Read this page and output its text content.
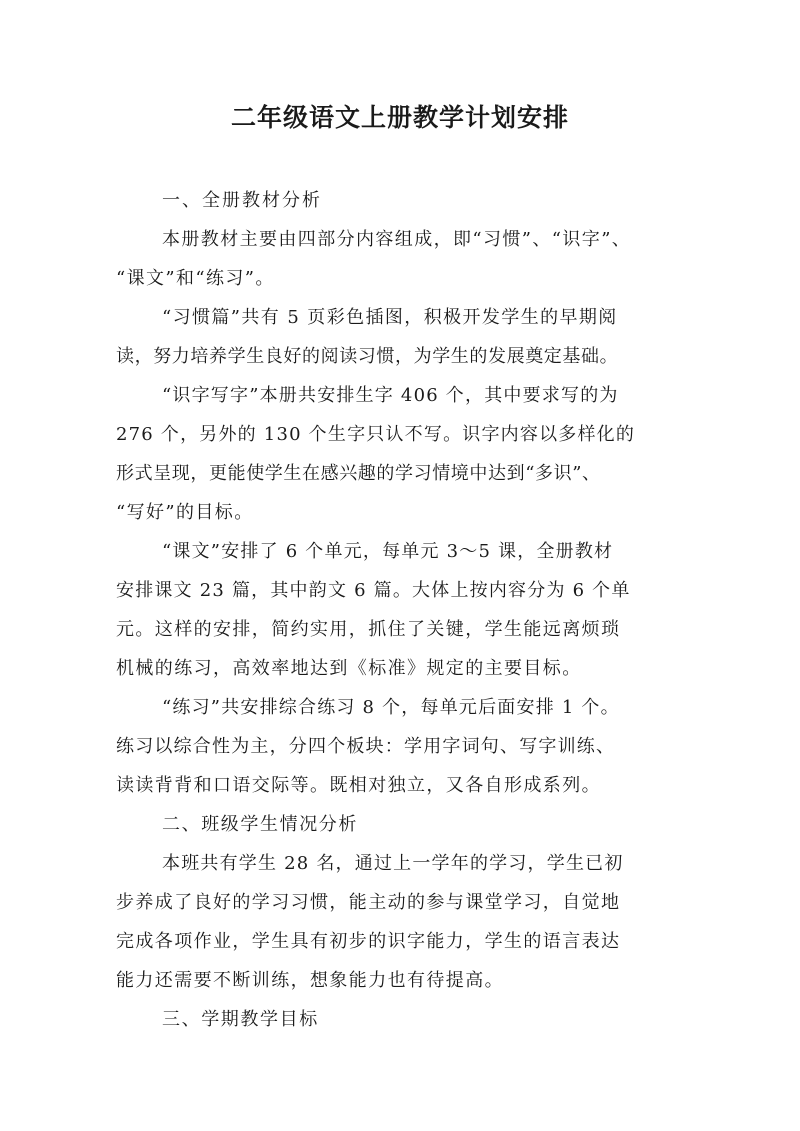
二年级语文上册教学计划安排

一、全册教材分析

本册教材主要由四部分内容组成，即“习惯”、“识字”、

“课文”和“练习”。

“习惯篇”共有 5 页彩色插图，积极开发学生的早期阅

读，努力培养学生良好的阅读习惯，为学生的发展奠定基础。

“识字写字”本册共安排生字 406 个，其中要求写的为

276 个，另外的 130 个生字只认不写。识字内容以多样化的

形式呈现，更能使学生在感兴趣的学习情境中达到“多识”、

“写好”的目标。

“课文”安排了 6 个单元，每单元 3～5 课，全册教材

安排课文 23 篇，其中韵文 6 篇。大体上按内容分为 6 个单

元。这样的安排，简约实用，抓住了关键，学生能远离烦琐

机械的练习，高效率地达到《标准》规定的主要目标。

“练习”共安排综合练习 8 个，每单元后面安排 1 个。

练习以综合性为主，分四个板块：学用字词句、写字训练、

读读背背和口语交际等。既相对独立，又各自形成系列。

二、班级学生情况分析

本班共有学生 28 名，通过上一学年的学习，学生已初

步养成了良好的学习习惯，能主动的参与课堂学习，自觉地

完成各项作业，学生具有初步的识字能力，学生的语言表达

能力还需要不断训练，想象能力也有待提高。

三、学期教学目标
